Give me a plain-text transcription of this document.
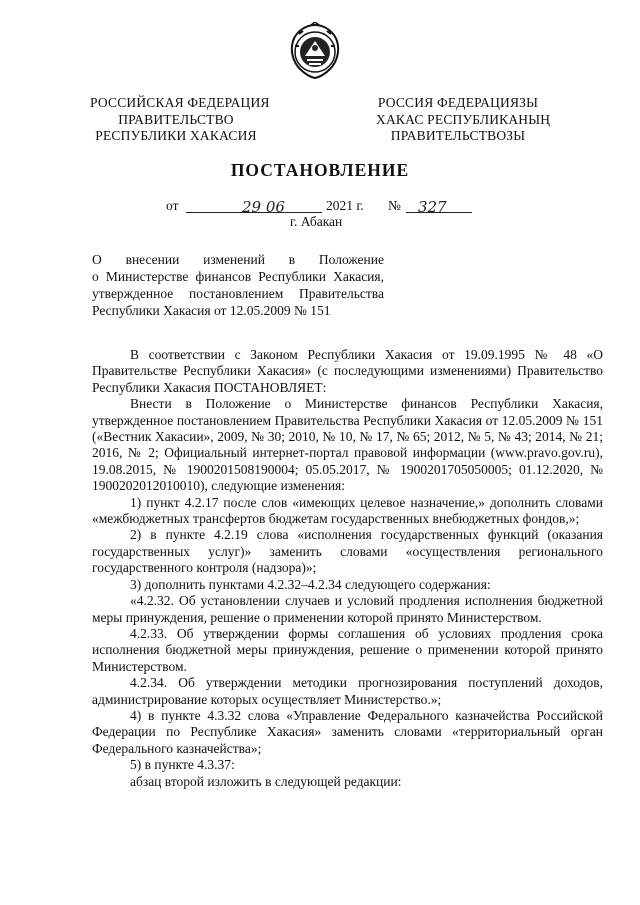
РОССИЙСКАЯ ФЕДЕРАЦИЯ
ПРАВИТЕЛЬСТВО
РЕСПУБЛИКИ ХАКАСИЯ
РОССИЯ ФЕДЕРАЦИЯЗЫ
ХАКАС РЕСПУБЛИКАНЫҢ
ПРАВИТЕЛЬСТВОЗЫ
ПОСТАНОВЛЕНИЕ
от	29 06	2021 г. № 327
г. Абакан
О внесении изменений в Положение
о Министерстве финансов Республики Хакасия,
утвержденное постановлением Правительства
Республики Хакасия от 12.05.2009 № 151

В соответствии с Законом Республики Хакасия от 19.09.1995 № 48 «О Правительстве Республики Хакасия» (с последующими изменениями) Правительство Республики Хакасия ПОСТАНОВЛЯЕТ:

Внести в Положение о Министерстве финансов Республики Хакасия, утвержденное постановлением Правительства Республики Хакасия от 12.05.2009 № 151 («Вестник Хакасии», 2009, № 30; 2010, № 10, № 17, № 65; 2012, № 5, № 43; 2014, № 21; 2016, № 2; Официальный интернет-портал правовой информации (www.pravo.gov.ru), 19.08.2015, № 1900201508190004; 05.05.2017, № 1900201705050005; 01.12.2020, № 1900202012010010), следующие изменения:

1) пункт 4.2.17 после слов «имеющих целевое назначение,» дополнить словами «межбюджетных трансфертов бюджетам государственных внебюджетных фондов,»;

2) в пункте 4.2.19 слова «исполнения государственных функций (оказания государственных услуг)» заменить словами «осуществления регионального государственного контроля (надзора)»;

3) дополнить пунктами 4.2.32–4.2.34 следующего содержания:

«4.2.32. Об установлении случаев и условий продления исполнения бюджетной меры принуждения, решение о применении которой принято Министерством.

4.2.33. Об утверждении формы соглашения об условиях продления срока исполнения бюджетной меры принуждения, решение о применении которой принято Министерством.

4.2.34. Об утверждении методики прогнозирования поступлений доходов, администрирование которых осуществляет Министерство.»;

4) в пункте 4.3.32 слова «Управление Федерального казначейства Российской Федерации по Республике Хакасия» заменить словами «территориальный орган Федерального казначейства»;

5) в пункте 4.3.37:

абзац второй изложить в следующей редакции:
